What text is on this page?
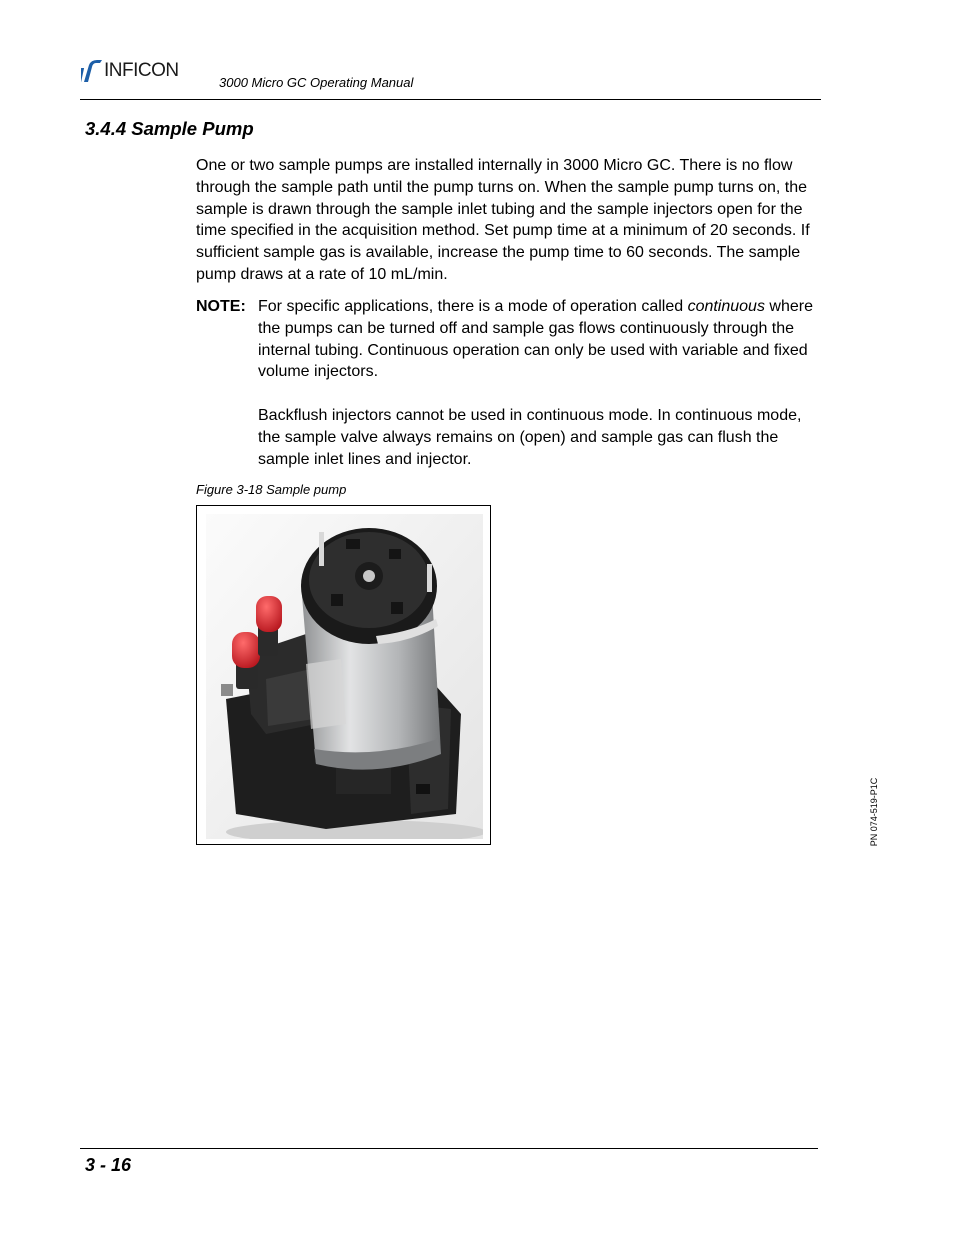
INFICON
3000 Micro GC Operating Manual
3.4.4 Sample Pump
One or two sample pumps are installed internally in 3000 Micro GC. There is no flow through the sample path until the pump turns on. When the sample pump turns on, the sample is drawn through the sample inlet tubing and the sample injectors open for the time specified in the acquisition method. Set pump time at a minimum of 20 seconds. If sufficient sample gas is available, increase the pump time to 60 seconds. The sample pump draws at a rate of 10 mL/min.
NOTE: For specific applications, there is a mode of operation called continuous where the pumps can be turned off and sample gas flows continuously through the internal tubing. Continuous operation can only be used with variable and fixed volume injectors.

Backflush injectors cannot be used in continuous mode. In continuous mode, the sample valve always remains on (open) and sample gas can flush the sample inlet lines and injector.

Figure 3-18 Sample pump
PN 074-519-P1C
3 - 16
